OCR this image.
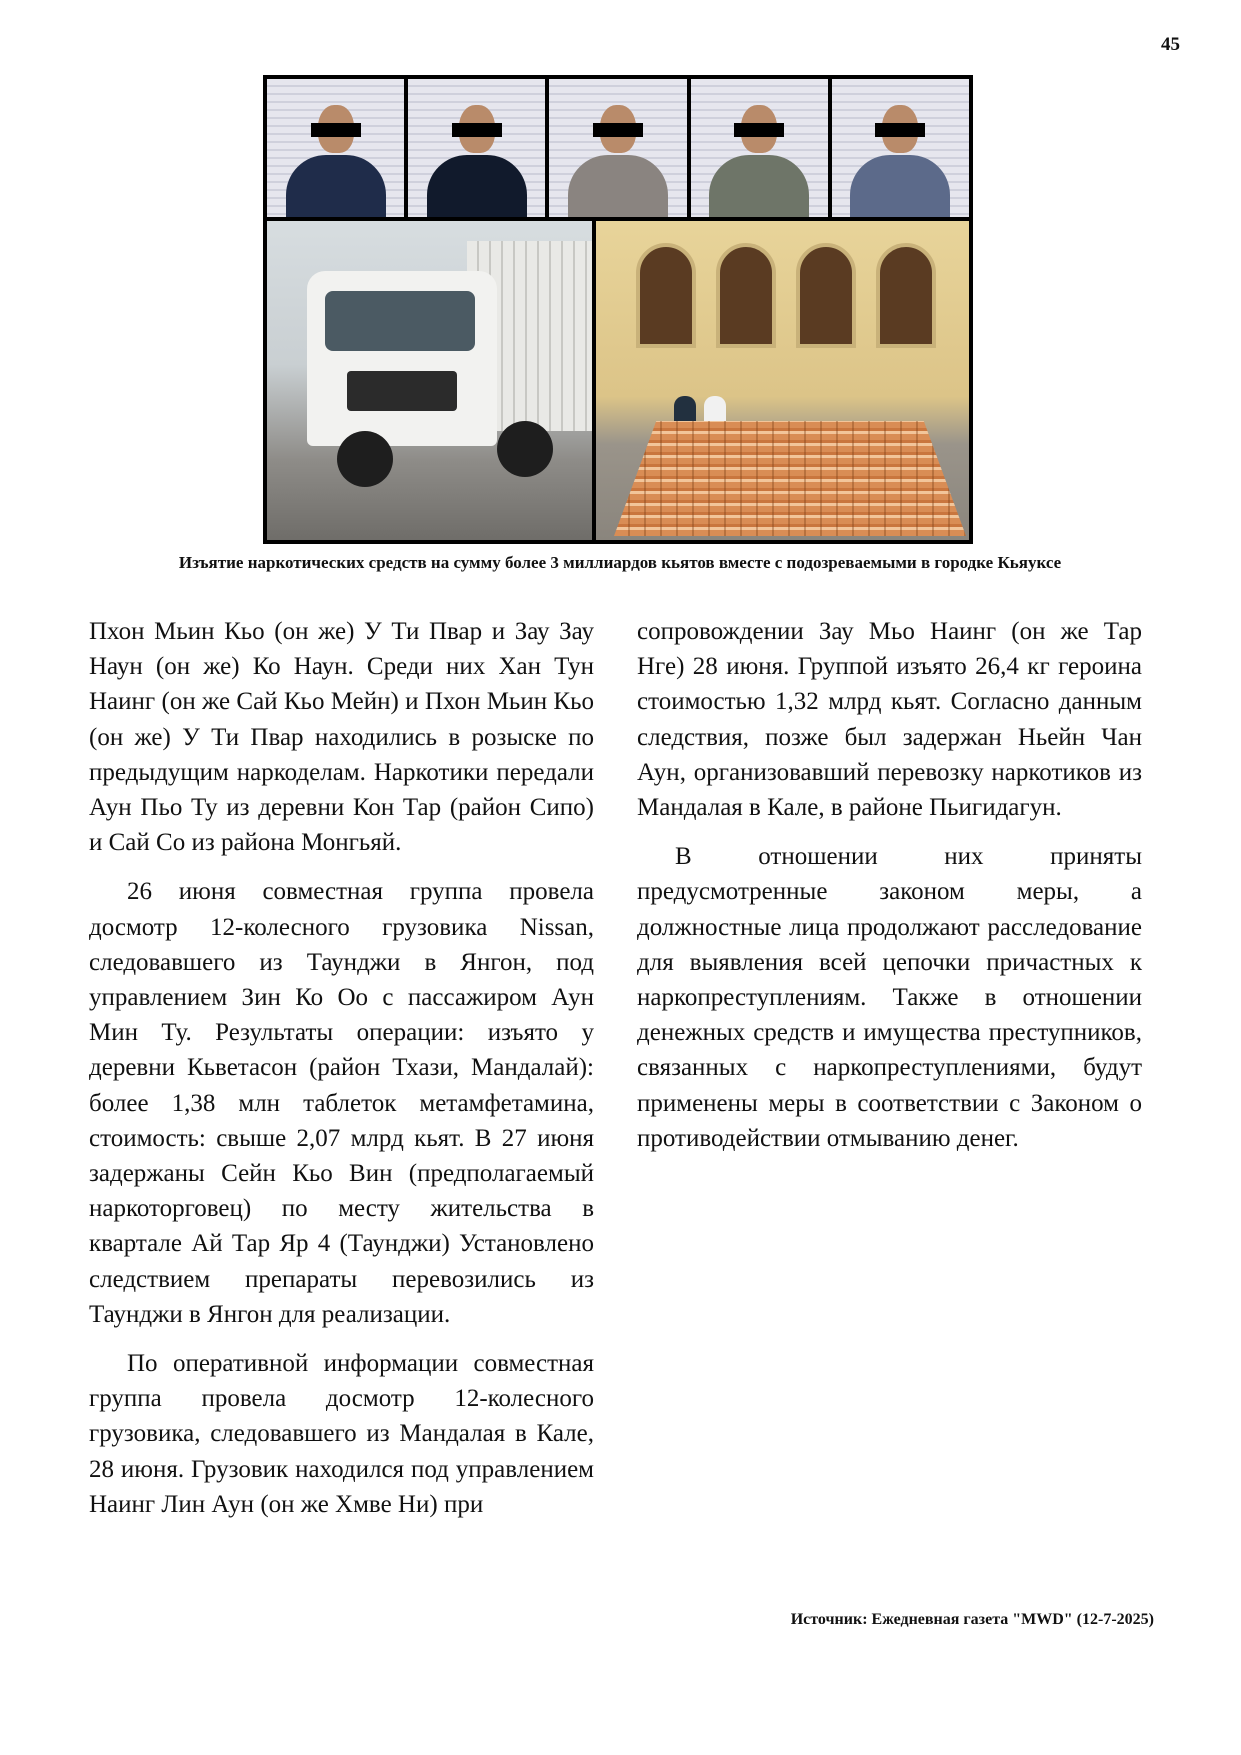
45
Изъятие наркотических средств на сумму более 3 миллиардов кьятов вместе с подозреваемыми в городке Кьяуксе

Пхон Мьин Кьо (он же) У Ти Пвар и Зау Зау Наун (он же) Ко Наун. Среди них Хан Тун Наинг (он же Сай Кьо Мейн) и Пхон Мьин Кьо (он же) У Ти Пвар находились в розыске по предыдущим наркоделам. Наркотики передали Аун Пьо Ту из деревни Кон Тар (район Сипо) и Сай Со из района Монгьяй.

26 июня совместная группа провела досмотр 12-колесного грузовика Nissan, следовавшего из Таунджи в Янгон, под управлением Зин Ко Оо с пассажиром Аун Мин Ту. Результаты операции: изъято у деревни Кьветасон (район Тхази, Мандалай): более 1,38 млн таблеток метамфетамина, стоимость: свыше 2,07 млрд кьят. В 27 июня задержаны Сейн Кьо Вин (предполагаемый наркоторговец) по месту жительства в квартале Ай Тар Яр 4 (Таунджи) Установлено следствием препараты перевозились из Таунджи в Янгон для реализации.

По оперативной информации совместная группа провела досмотр 12-колесного грузовика, следовавшего из Мандалая в Кале, 28 июня. Грузовик находился под управлением Наинг Лин Аун (он же Хмве Ни) при

сопровождении Зау Мьо Наинг (он же Тар Нге) 28 июня. Группой изъято 26,4 кг героина стоимостью 1,32 млрд кьят. Согласно данным следствия, позже был задержан Ньейн Чан Аун, организовавший перевозку наркотиков из Мандалая в Кале, в районе Пьигидагун.

В отношении них приняты предусмотренные законом меры, а должностные лица продолжают расследование для выявления всей цепочки причастных к наркопреступлениям. Также в отношении денежных средств и имущества преступников, связанных с наркопреступлениями, будут применены меры в соответствии с Законом о противодействии отмыванию денег.

Источник: Ежедневная газета "MWD" (12-7-2025)
